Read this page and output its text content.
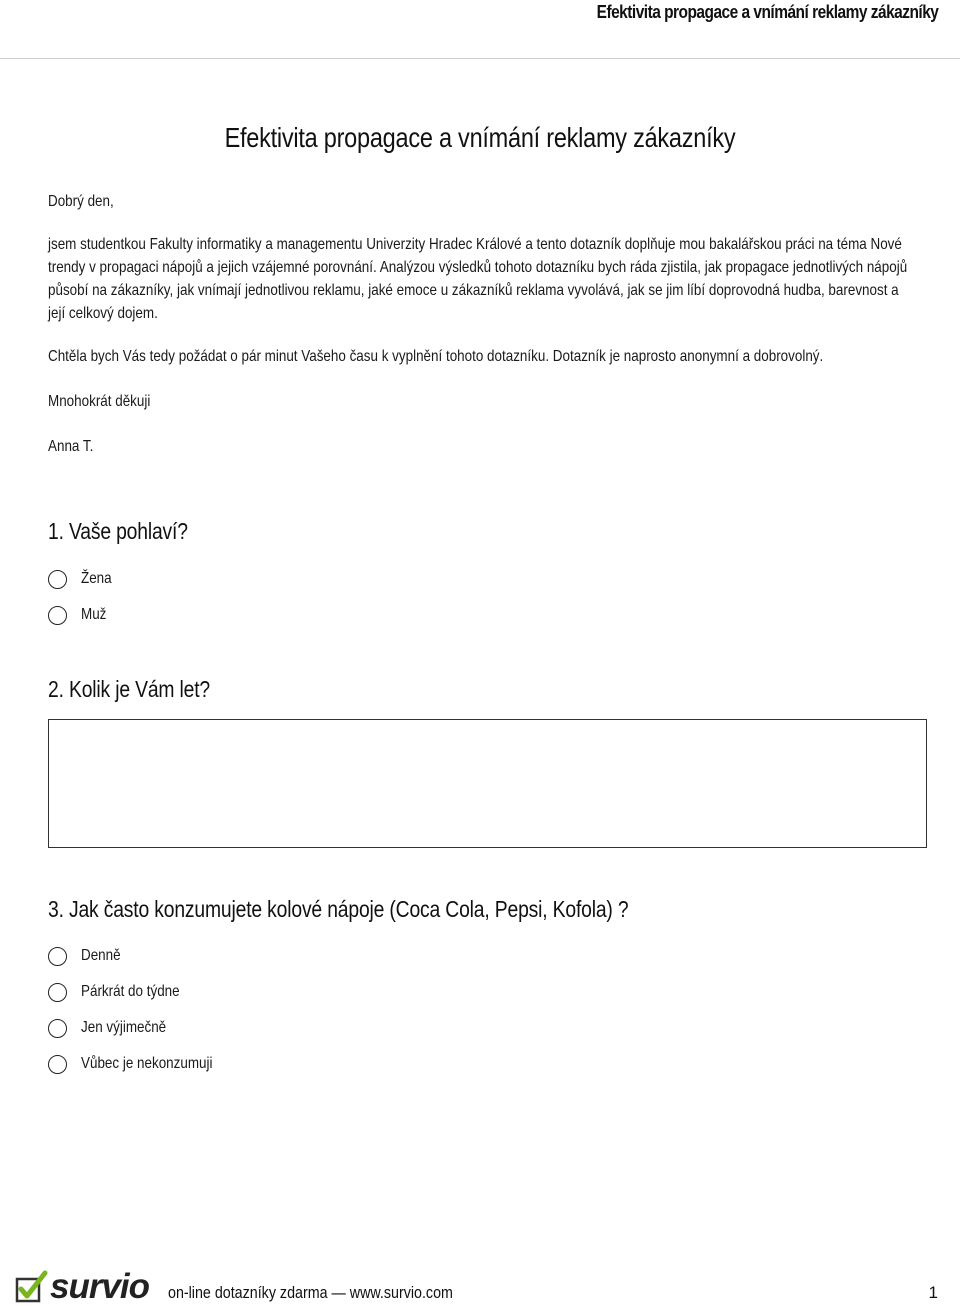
Efektivita propagace a vnímání reklamy zákazníky
Efektivita propagace a vnímání reklamy zákazníky

Dobrý den,

jsem studentkou Fakulty informatiky a managementu Univerzity Hradec Králové a tento dotazník doplňuje mou bakalářskou práci na téma Nové trendy v propagaci nápojů a jejich vzájemné porovnání. Analýzou výsledků tohoto dotazníku bych ráda zjistila, jak propagace jednotlivých nápojů působí na zákazníky, jak vnímají jednotlivou reklamu, jaké emoce u zákazníků reklama vyvolává, jak se jim líbí doprovodná hudba, barevnost a její celkový dojem.

Chtěla bych Vás tedy požádat o pár minut Vašeho času k vyplnění tohoto dotazníku. Dotazník je naprosto anonymní a dobrovolný.

Mnohokrát děkuji

Anna T.

1. Vaše pohlaví?
Žena
Muž
2. Kolik je Vám let?
3. Jak často konzumujete kolové nápoje (Coca Cola, Pepsi, Kofola) ?
Denně
Párkrát do týdne
Jen výjimečně
Vůbec je nekonzumuji
survio on-line dotazníky zdarma — www.survio.com	1
